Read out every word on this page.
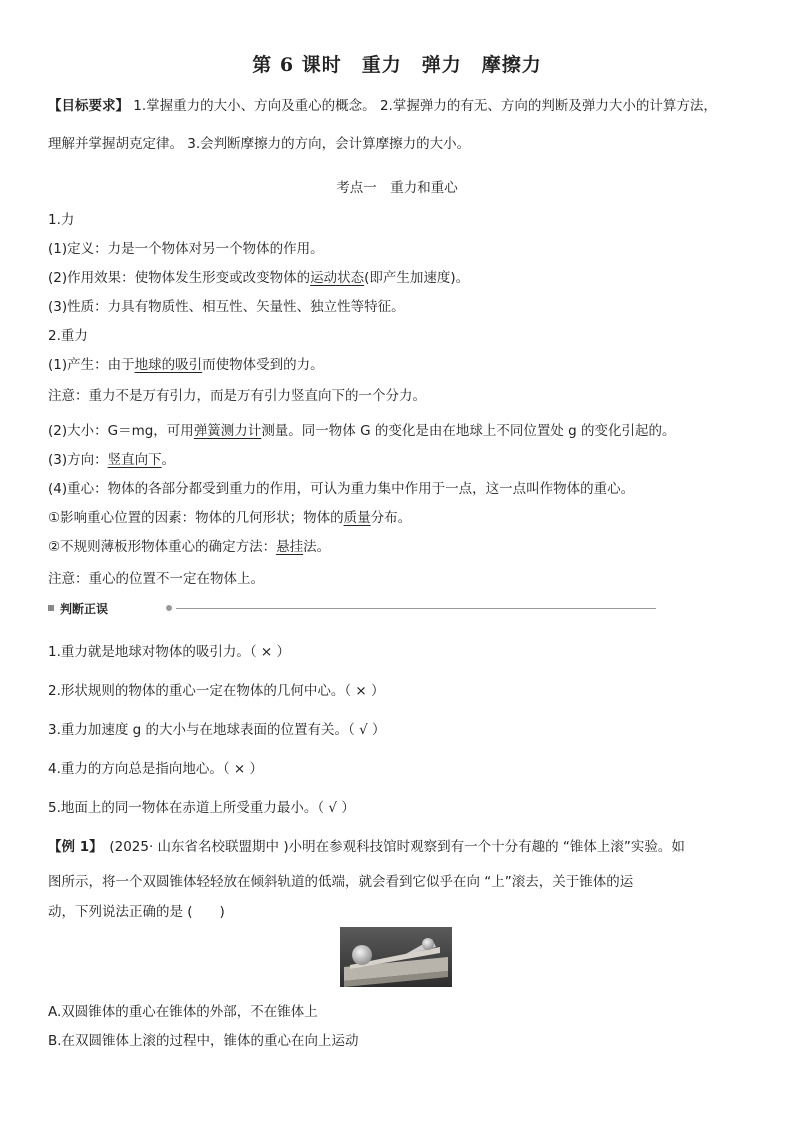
第 6 课时　重力　弹力　摩擦力
【目标要求】 1.掌握重力的大小、方向及重心的概念。 2.掌握弹力的有无、方向的判断及弹力大小的计算方法，
理解并掌握胡克定律。 3.会判断摩擦力的方向，会计算摩擦力的大小。
考点一　重力和重心
1.力
(1)定义：力是一个物体对另一个物体的作用。
(2)作用效果：使物体发生形变或改变物体的运动状态(即产生加速度)。
(3)性质：力具有物质性、相互性、矢量性、独立性等特征。
2.重力
(1)产生：由于地球的吸引而使物体受到的力。
注意：重力不是万有引力，而是万有引力竖直向下的一个分力。
(2)大小：G＝mg，可用弹簧测力计测量。同一物体 G 的变化是由在地球上不同位置处 g 的变化引起的。
(3)方向：竖直向下。
(4)重心：物体的各部分都受到重力的作用，可认为重力集中作用于一点，这一点叫作物体的重心。
①影响重心位置的因素：物体的几何形状；物体的质量分布。
②不规则薄板形物体重心的确定方法：悬挂法。
注意：重心的位置不一定在物体上。
判断正误
1.重力就是地球对物体的吸引力。（ × ）
2.形状规则的物体的重心一定在物体的几何中心。（ × ）
3.重力加速度 g 的大小与在地球表面的位置有关。（ √ ）
4.重力的方向总是指向地心。（ × ）
5.地面上的同一物体在赤道上所受重力最小。（ √ ）
【例 1】　(2025· 山东省名校联盟期中 )小明在参观科技馆时观察到有一个十分有趣的 “锥体上滚”实验。如
图所示，将一个双圆锥体轻轻放在倾斜轨道的低端，就会看到它似乎在向 “上”滚去，关于锥体的运
动，下列说法正确的是 (　　)
A.双圆锥体的重心在锥体的外部，不在锥体上
B.在双圆锥体上滚的过程中，锥体的重心在向上运动
